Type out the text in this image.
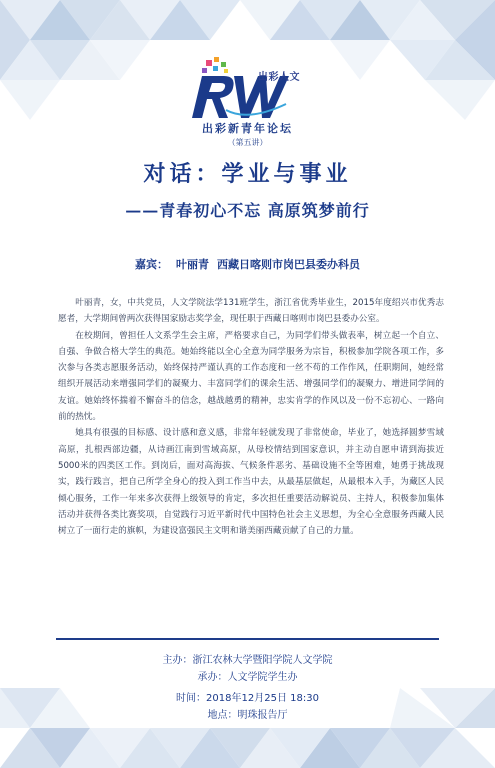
出彩人文
出彩新青年论坛
（第五讲）
对话：学业与事业
——青春初心不忘 高原筑梦前行
嘉宾： 叶丽青 西藏日喀则市岗巴县委办科员

叶丽青，女，中共党员，人文学院法学131班学生，浙江省优秀毕业生，2015年度绍兴市优秀志愿者，大学期间曾两次获得国家励志奖学金，现任职于西藏日喀则市岗巴县委办公室。

在校期间，曾担任人文系学生会主席，严格要求自己，为同学们带头做表率，树立起一个自立、自强、争做合格大学生的典范。她始终能以全心全意为同学服务为宗旨，积极参加学院各项工作，多次参与各类志愿服务活动，始终保持严谨认真的工作态度和一丝不苟的工作作风，任职期间，她经常组织开展活动来增强同学们的凝聚力、丰富同学们的课余生活、增强同学们的凝聚力、增进同学间的友谊。她始终怀揣着不懈奋斗的信念，越战越勇的精神，忠实肯学的作风以及一份不忘初心、一路向前的热忱。

她具有很强的目标感、设计感和意义感，非常年轻就发现了非常使命，毕业了，她选择圆梦雪域高原，扎根西部边疆，从诗画江南到雪域高原，从母校情结到国家意识，并主动自愿申请到海拔近5000米的四类区工作。到岗后，面对高海拔、气候条件恶劣、基础设施不全等困难，她勇于挑战现实，践行践言，把自己所学全身心的投入到工作当中去，从最基层做起，从最根本入手，为藏区人民倾心服务，工作一年来多次获得上级领导的肯定，多次担任重要活动解说员、主持人，积极参加集体活动并获得各类比赛奖项，自觉践行习近平新时代中国特色社会主义思想，为全心全意服务西藏人民树立了一面行走的旗帜，为建设富强民主文明和谐美丽西藏贡献了自己的力量。

主办：浙江农林大学暨阳学院人文学院
承办：人文学院学生办
时间：2018年12月25日 18:30
地点：明珠报告厅
